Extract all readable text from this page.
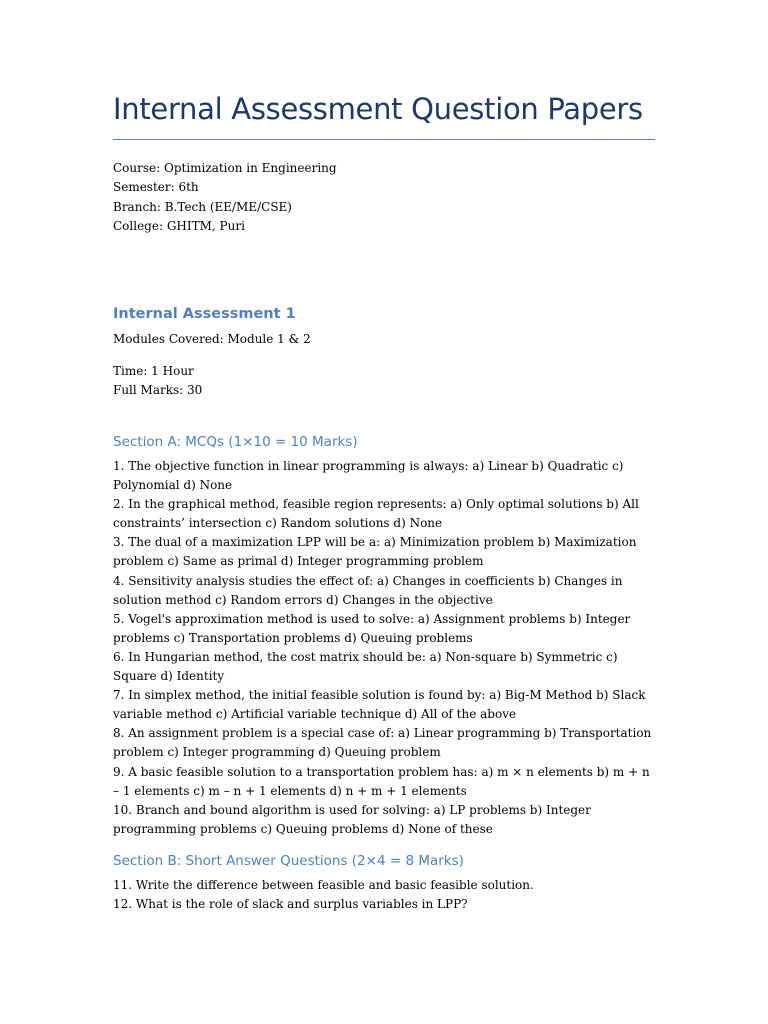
Internal Assessment Question Papers
Course: Optimization in Engineering
Semester: 6th
Branch: B.Tech (EE/ME/CSE)
College: GHITM, Puri
Internal Assessment 1

Modules Covered: Module 1 & 2

Time: 1 Hour
Full Marks: 30
Section A: MCQs (1×10 = 10 Marks)
1. The objective function in linear programming is always: a) Linear b) Quadratic c) Polynomial d) None
2. In the graphical method, feasible region represents: a) Only optimal solutions b) All constraints’ intersection c) Random solutions d) None
3. The dual of a maximization LPP will be a: a) Minimization problem b) Maximization problem c) Same as primal d) Integer programming problem
4. Sensitivity analysis studies the effect of: a) Changes in coefficients b) Changes in solution method c) Random errors d) Changes in the objective
5. Vogel's approximation method is used to solve: a) Assignment problems b) Integer problems c) Transportation problems d) Queuing problems
6. In Hungarian method, the cost matrix should be: a) Non-square b) Symmetric c) Square d) Identity
7. In simplex method, the initial feasible solution is found by: a) Big-M Method b) Slack variable method c) Artificial variable technique d) All of the above
8. An assignment problem is a special case of: a) Linear programming b) Transportation problem c) Integer programming d) Queuing problem
9. A basic feasible solution to a transportation problem has: a) m × n elements b) m + n – 1 elements c) m – n + 1 elements d) n + m + 1 elements
10. Branch and bound algorithm is used for solving: a) LP problems b) Integer programming problems c) Queuing problems d) None of these
Section B: Short Answer Questions (2×4 = 8 Marks)
11. Write the difference between feasible and basic feasible solution.
12. What is the role of slack and surplus variables in LPP?
